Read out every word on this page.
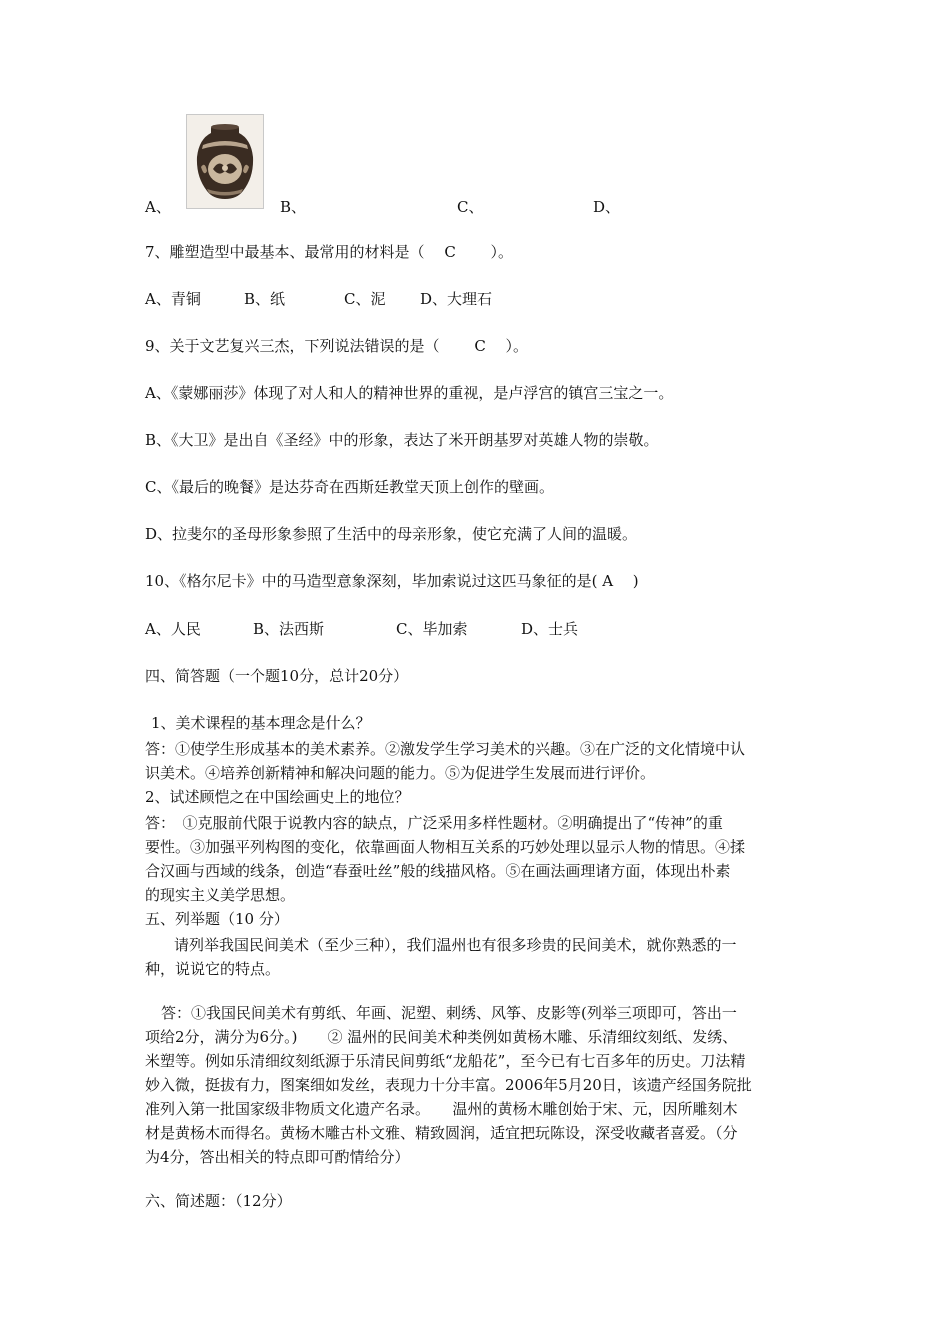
A、	B、	C、	D、
7、雕塑造型中最基本、最常用的材料是（　 C 　　）。
A、青铜	B、纸	C、泥 D、大理石
9、关于文艺复兴三杰，下列说法错误的是（　　 C　 ）。
A、《蒙娜丽莎》体现了对人和人的精神世界的重视，是卢浮宫的镇宫三宝之一。
B、《大卫》是出自《圣经》中的形象，表达了米开朗基罗对英雄人物的崇敬。
C、《最后的晚餐》是达芬奇在西斯廷教堂天顶上创作的壁画。
D、拉斐尔的圣母形象参照了生活中的母亲形象，使它充满了人间的温暖。
10、《格尔尼卡》中的马造型意象深刻，毕加索说过这匹马象征的是( A 　)
A、人民	B、法西斯	C、毕加索	D、士兵
四、简答题（一个题10分，总计20分）
1、美术课程的基本理念是什么？
答：①使学生形成基本的美术素养。②激发学生学习美术的兴趣。③在广泛的文化情境中认
识美术。④培养创新精神和解决问题的能力。⑤为促进学生发展而进行评价。
2、试述顾恺之在中国绘画史上的地位？
答：　①克服前代限于说教内容的缺点，广泛采用多样性题材。②明确提出了“传神”的重
要性。③加强平列构图的变化，依靠画面人物相互关系的巧妙处理以显示人物的情思。④揉
合汉画与西域的线条，创造“春蚕吐丝”般的线描风格。⑤在画法画理诸方面，体现出朴素
的现实主义美学思想。
五、列举题（10 分）
请列举我国民间美术（至少三种），我们温州也有很多珍贵的民间美术，就你熟悉的一
种，说说它的特点。
答：①我国民间美术有剪纸、年画、泥塑、刺绣、风筝、皮影等(列举三项即可，答出一
项给2分，满分为6分。)　　② 温州的民间美术种类例如黄杨木雕、乐清细纹刻纸、发绣、
米塑等。例如乐清细纹刻纸源于乐清民间剪纸“龙船花”，至今已有七百多年的历史。刀法精
妙入微，挺拔有力，图案细如发丝，表现力十分丰富。2006年5月20日，该遗产经国务院批
准列入第一批国家级非物质文化遗产名录。　　温州的黄杨木雕创始于宋、元，因所雕刻木
材是黄杨木而得名。黄杨木雕古朴文雅、精致圆润，适宜把玩陈设，深受收藏者喜爱。（分
为4分，答出相关的特点即可酌情给分）
六、简述题：（12分）
